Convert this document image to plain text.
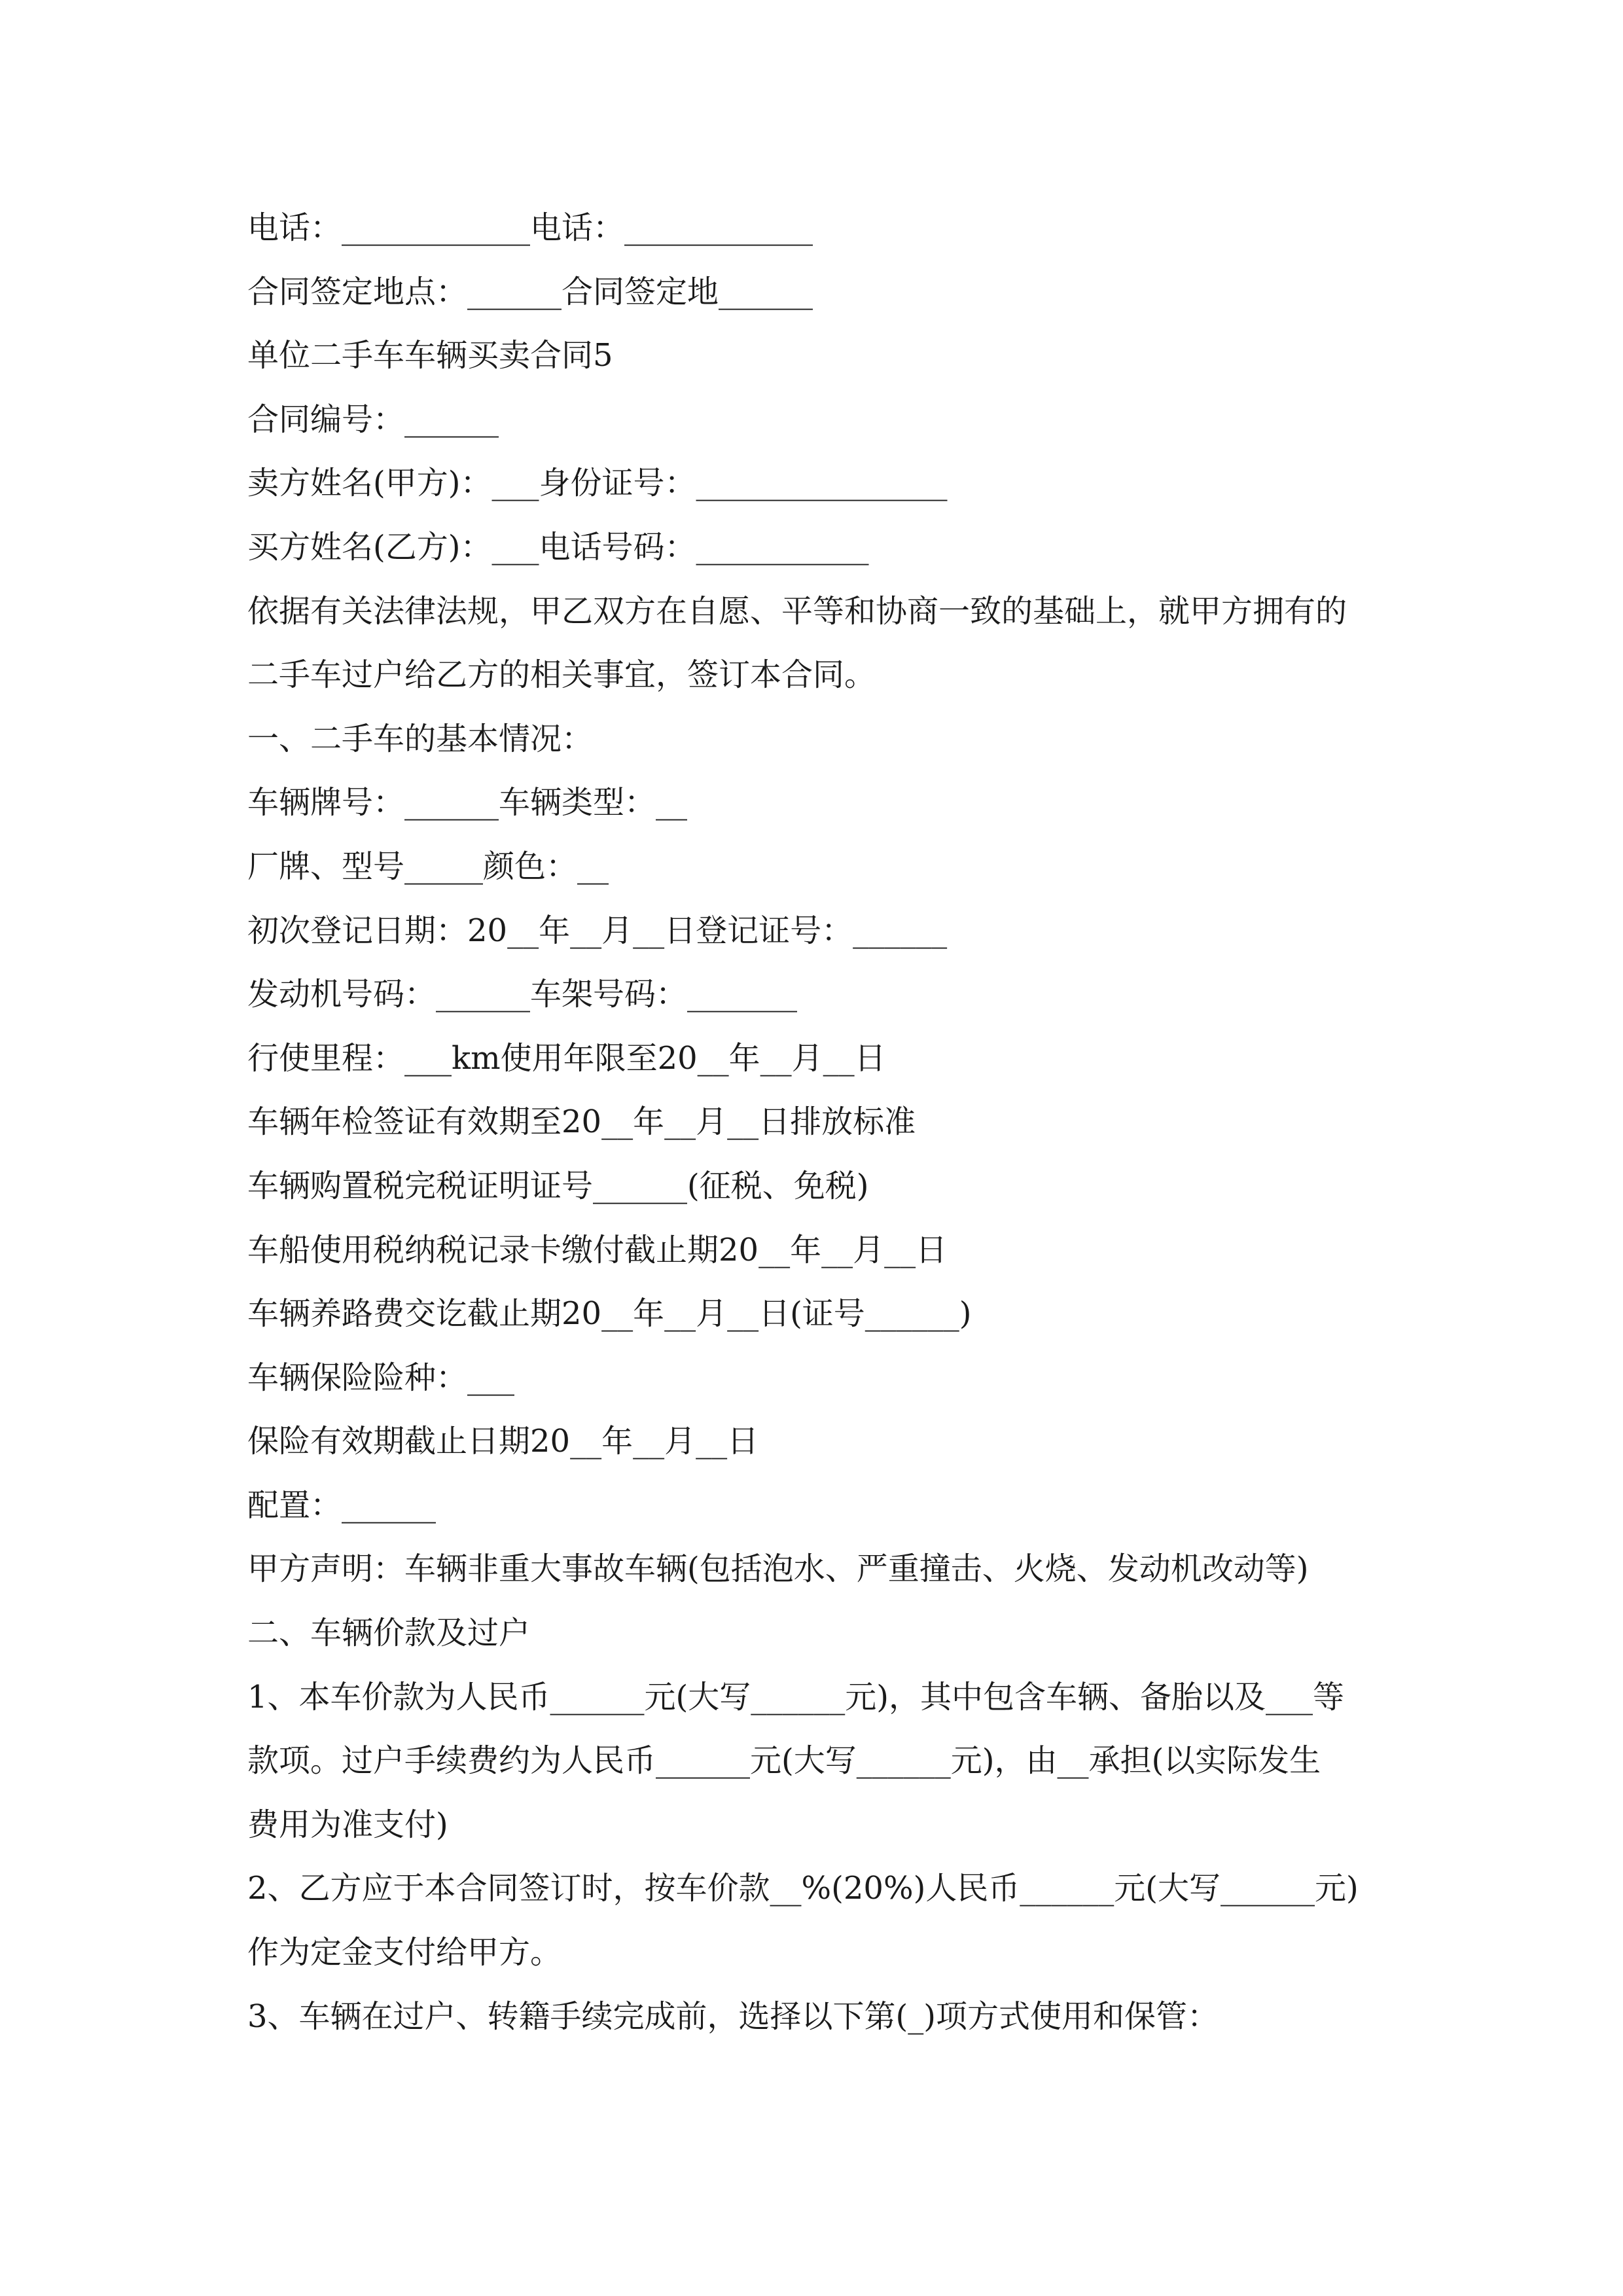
电话：____________电话：____________

合同签定地点：______合同签定地______

单位二手车车辆买卖合同5

合同编号：______

卖方姓名(甲方)：___身份证号：________________

买方姓名(乙方)：___电话号码：___________

依据有关法律法规，甲乙双方在自愿、平等和协商一致的基础上，就甲方拥有的

二手车过户给乙方的相关事宜，签订本合同。

一、二手车的基本情况：

车辆牌号：______车辆类型：__

厂牌、型号_____颜色：__

初次登记日期：20__年__月__日登记证号：______

发动机号码：______车架号码：_______

行使里程：___km使用年限至20__年__月__日

车辆年检签证有效期至20__年__月__日排放标准

车辆购置税完税证明证号______(征税、免税)

车船使用税纳税记录卡缴付截止期20__年__月__日

车辆养路费交讫截止期20__年__月__日(证号______)

车辆保险险种：___

保险有效期截止日期20__年__月__日

配置：______

甲方声明：车辆非重大事故车辆(包括泡水、严重撞击、火烧、发动机改动等)

二、车辆价款及过户

1、本车价款为人民币______元(大写______元)，其中包含车辆、备胎以及___等

款项。过户手续费约为人民币______元(大写______元)，由__承担(以实际发生

费用为准支付)

2、乙方应于本合同签订时，按车价款__%(20%)人民币______元(大写______元)

作为定金支付给甲方。

3、车辆在过户、转籍手续完成前，选择以下第(_)项方式使用和保管：
